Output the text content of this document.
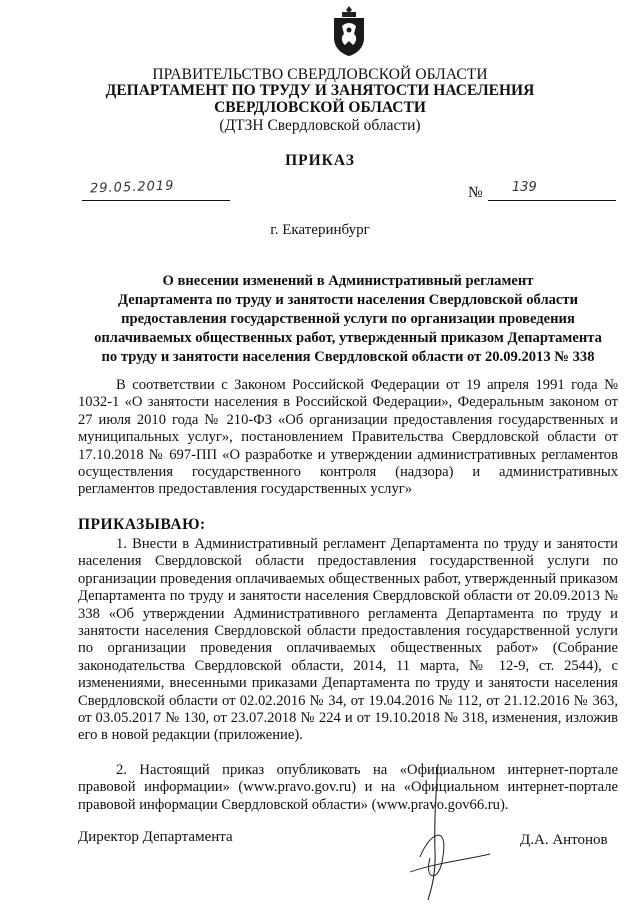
ПРАВИТЕЛЬСТВО СВЕРДЛОВСКОЙ ОБЛАСТИ
ДЕПАРТАМЕНТ ПО ТРУДУ И ЗАНЯТОСТИ НАСЕЛЕНИЯ
СВЕРДЛОВСКОЙ ОБЛАСТИ
(ДТЗН Свердловской области)
ПРИКАЗ
29.05.2019	№ 139
г. Екатеринбург
О внесении изменений в Административный регламент
Департамента по труду и занятости населения Свердловской области
предоставления государственной услуги по организации проведения
оплачиваемых общественных работ, утвержденный приказом Департамента
по труду и занятости населения Свердловской области от 20.09.2013 № 338
В соответствии с Законом Российской Федерации от 19 апреля 1991 года № 1032-1 «О занятости населения в Российской Федерации», Федеральным законом от 27 июля 2010 года № 210-ФЗ «Об организации предоставления государственных и муниципальных услуг», постановлением Правительства Свердловской области от 17.10.2018 № 697-ПП «О разработке и утверждении административных регламентов осуществления государственного контроля (надзора) и административных регламентов предоставления государственных услуг»
ПРИКАЗЫВАЮ:
1. Внести в Административный регламент Департамента по труду и занятости населения Свердловской области предоставления государственной услуги по организации проведения оплачиваемых общественных работ, утвержденный приказом Департамента по труду и занятости населения Свердловской области от 20.09.2013 № 338 «Об утверждении Административного регламента Департамента по труду и занятости населения Свердловской области предоставления государственной услуги по организации проведения оплачиваемых общественных работ» (Собрание законодательства Свердловской области, 2014, 11 марта, № 12-9, ст. 2544), с изменениями, внесенными приказами Департамента по труду и занятости населения Свердловской области от 02.02.2016 № 34, от 19.04.2016 № 112, от 21.12.2016 № 363, от 03.05.2017 № 130, от 23.07.2018 № 224 и от 19.10.2018 № 318, изменения, изложив его в новой редакции (приложение).
2. Настоящий приказ опубликовать на «Официальном интернет-портале правовой информации» (www.pravo.gov.ru) и на «Официальном интернет-портале правовой информации Свердловской области» (www.pravo.gov66.ru).
Директор Департамента	Д.А. Антонов
